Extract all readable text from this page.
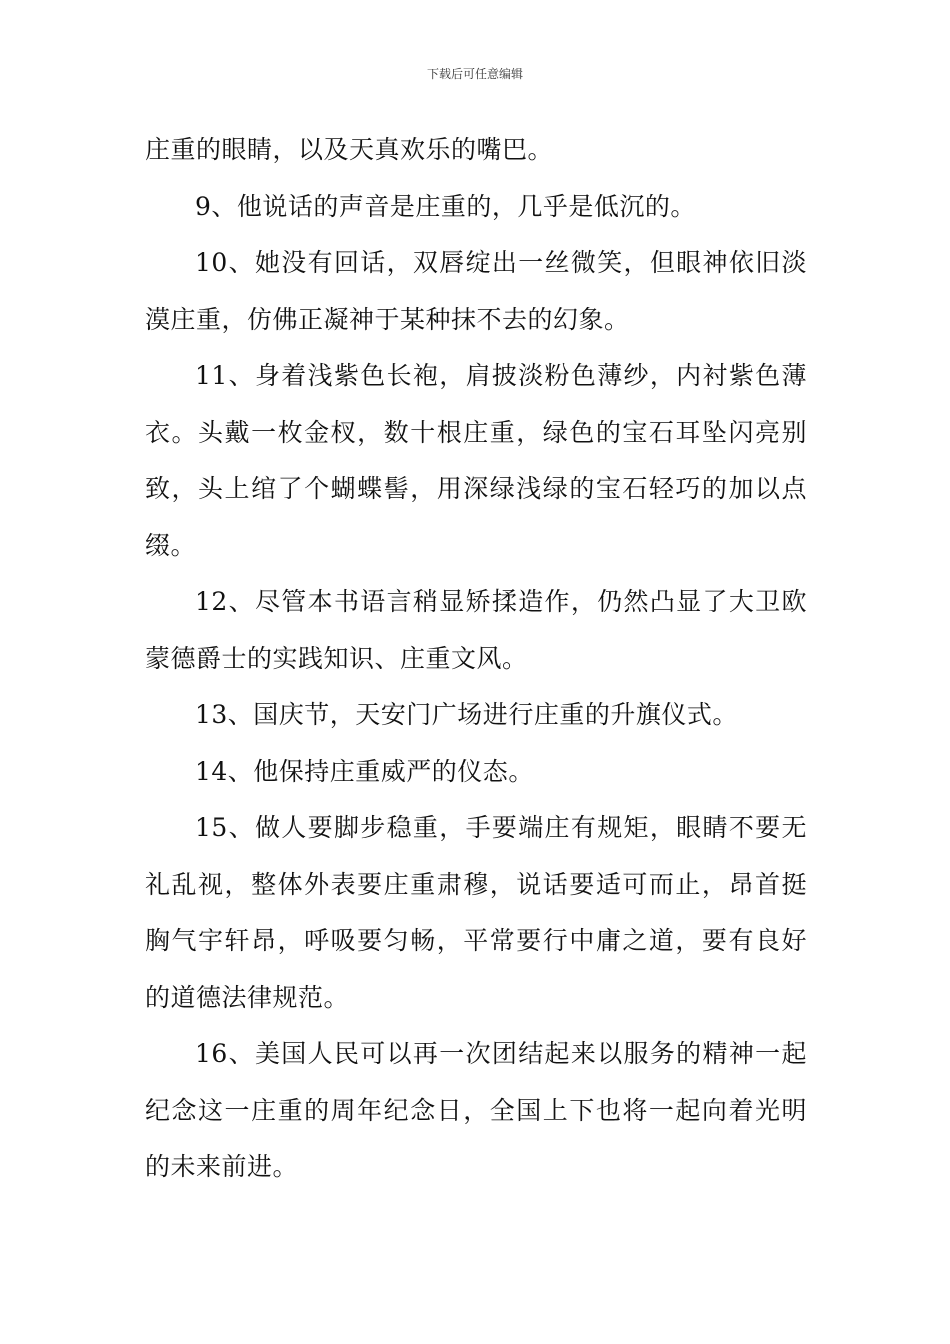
下载后可任意编辑

庄重的眼睛，以及天真欢乐的嘴巴。

9、他说话的声音是庄重的，几乎是低沉的。

10、她没有回话，双唇绽出一丝微笑，但眼神依旧淡漠庄重，仿佛正凝神于某种抹不去的幻象。

11、身着浅紫色长袍，肩披淡粉色薄纱，内衬紫色薄衣。头戴一枚金杈，数十根庄重，绿色的宝石耳坠闪亮别致，头上绾了个蝴蝶髻，用深绿浅绿的宝石轻巧的加以点缀。

12、尽管本书语言稍显矫揉造作，仍然凸显了大卫欧蒙德爵士的实践知识、庄重文风。

13、国庆节，天安门广场进行庄重的升旗仪式。

14、他保持庄重威严的仪态。

15、做人要脚步稳重，手要端庄有规矩，眼睛不要无礼乱视，整体外表要庄重肃穆，说话要适可而止，昂首挺胸气宇轩昂，呼吸要匀畅，平常要行中庸之道，要有良好的道德法律规范。

16、美国人民可以再一次团结起来以服务的精神一起纪念这一庄重的周年纪念日，全国上下也将一起向着光明的未来前进。
